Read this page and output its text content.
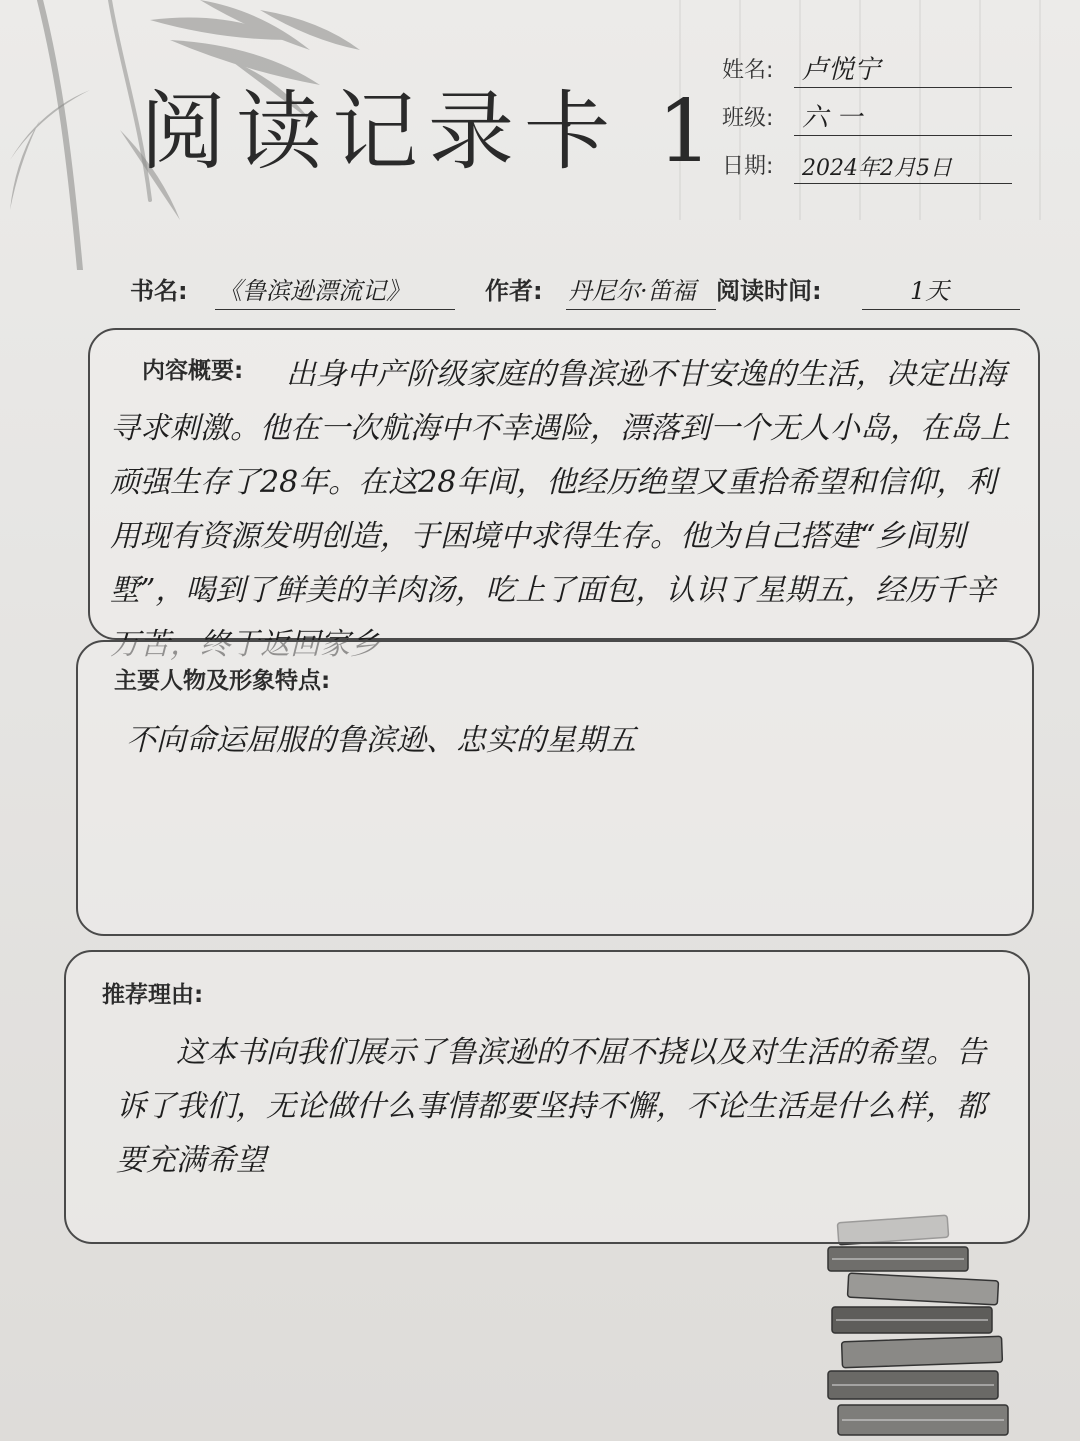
阅读记录卡 1
姓名: 卢悦宁
班级: 六 一
日期: 2024年2月5日
书名: 《鲁滨逊漂流记》	作者: 丹尼尔·笛福 阅读时间:	1天
内容概要:	出身中产阶级家庭的鲁滨逊不甘安逸的生活，决定出海寻求刺激。他在一次航海中不幸遇险，漂落到一个无人小岛，在岛上顽强生存了28年。在这28年间，他经历绝望又重拾希望和信仰，利用现有资源发明创造，于困境中求得生存。他为自己搭建“乡间别墅”，喝到了鲜美的羊肉汤，吃上了面包，认识了星期五，经历千辛
主要人物及形象特点:
不向命运屈服的鲁滨逊、忠实的星期五
推荐理由:
这本书向我们展示了鲁滨逊的不屈不挠以及对生活的希望。告诉了我们，无论做什么事情都要坚持不懈，不论生活是什么样，都要充满希望
